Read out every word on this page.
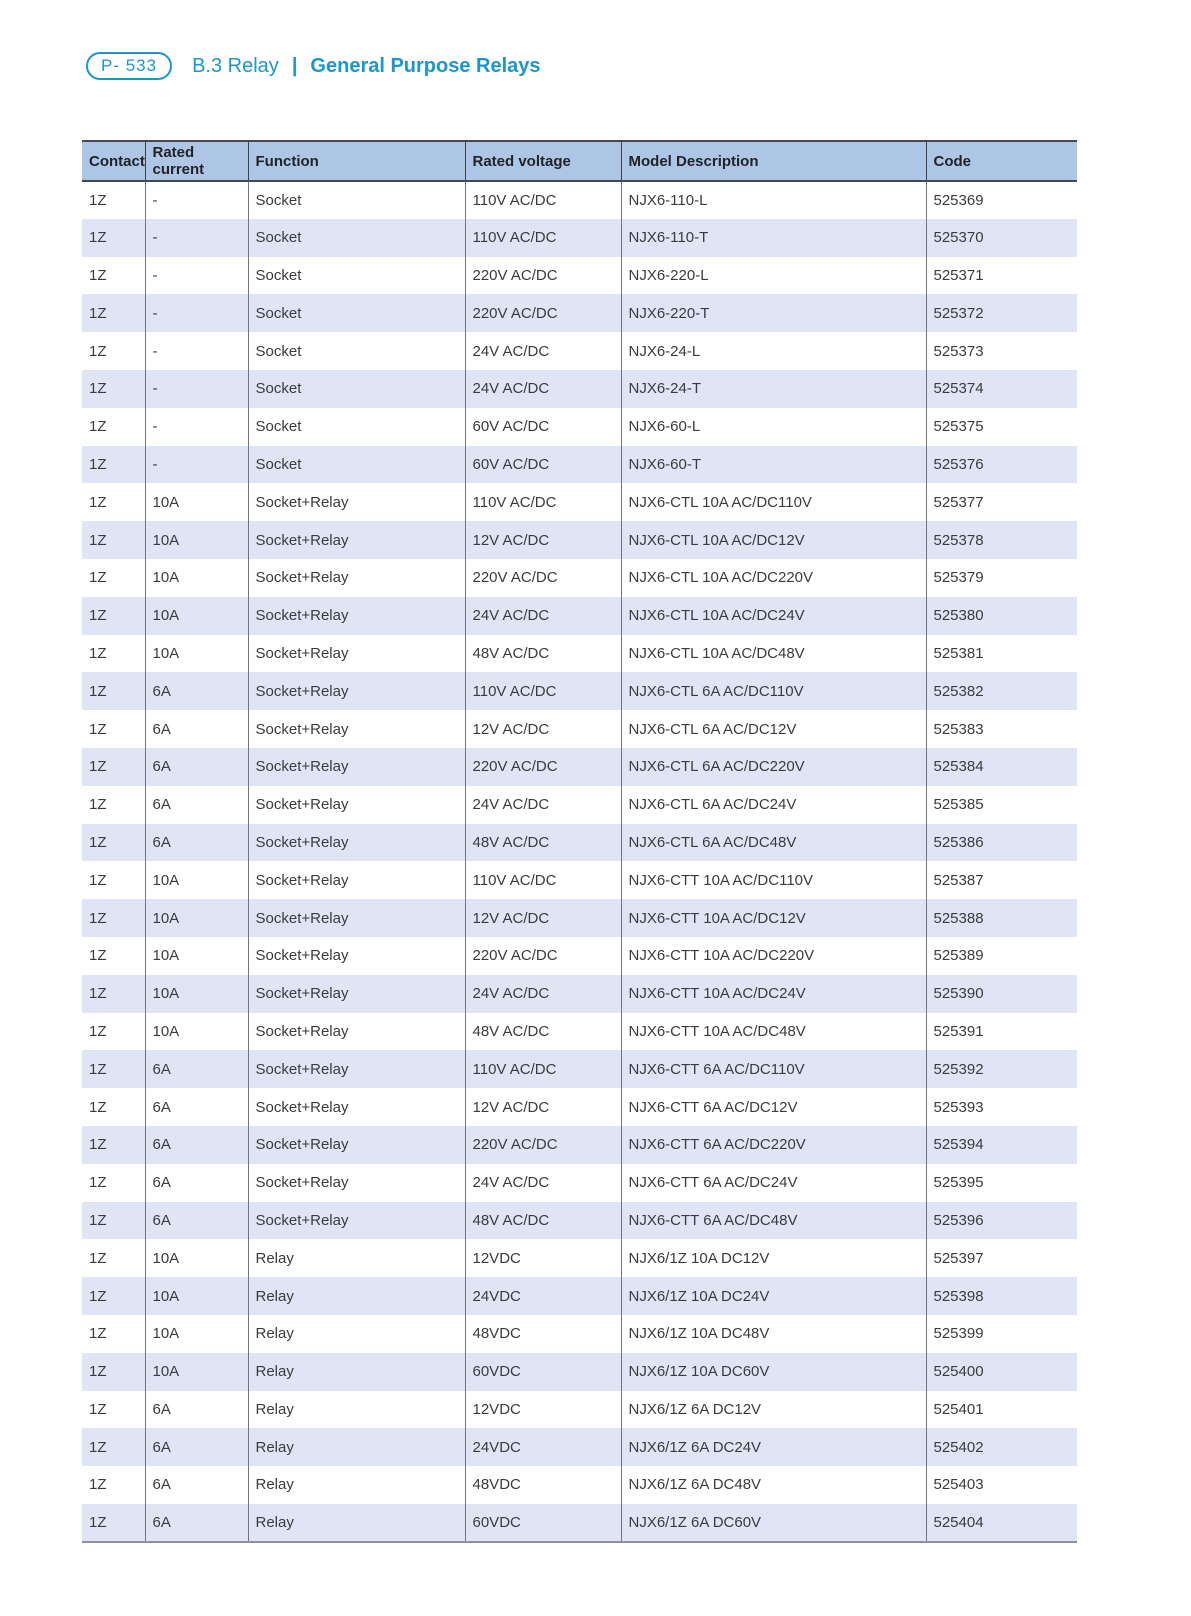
P- 533	B.3 Relay | General Purpose Relays
Contact	Rated current	Function	Rated voltage	Model Description	Code
1Z	-	Socket	110V AC/DC	NJX6-110-L	525369
1Z	-	Socket	110V AC/DC	NJX6-110-T	525370
1Z	-	Socket	220V AC/DC	NJX6-220-L	525371
1Z	-	Socket	220V AC/DC	NJX6-220-T	525372
1Z	-	Socket	24V AC/DC	NJX6-24-L	525373
1Z	-	Socket	24V AC/DC	NJX6-24-T	525374
1Z	-	Socket	60V AC/DC	NJX6-60-L	525375
1Z	-	Socket	60V AC/DC	NJX6-60-T	525376
1Z	10A	Socket+Relay	110V AC/DC	NJX6-CTL 10A AC/DC110V	525377
1Z	10A	Socket+Relay	12V AC/DC	NJX6-CTL 10A AC/DC12V	525378
1Z	10A	Socket+Relay	220V AC/DC	NJX6-CTL 10A AC/DC220V	525379
1Z	10A	Socket+Relay	24V AC/DC	NJX6-CTL 10A AC/DC24V	525380
1Z	10A	Socket+Relay	48V AC/DC	NJX6-CTL 10A AC/DC48V	525381
1Z	6A	Socket+Relay	110V AC/DC	NJX6-CTL 6A AC/DC110V	525382
1Z	6A	Socket+Relay	12V AC/DC	NJX6-CTL 6A AC/DC12V	525383
1Z	6A	Socket+Relay	220V AC/DC	NJX6-CTL 6A AC/DC220V	525384
1Z	6A	Socket+Relay	24V AC/DC	NJX6-CTL 6A AC/DC24V	525385
1Z	6A	Socket+Relay	48V AC/DC	NJX6-CTL 6A AC/DC48V	525386
1Z	10A	Socket+Relay	110V AC/DC	NJX6-CTT 10A AC/DC110V	525387
1Z	10A	Socket+Relay	12V AC/DC	NJX6-CTT 10A AC/DC12V	525388
1Z	10A	Socket+Relay	220V AC/DC	NJX6-CTT 10A AC/DC220V	525389
1Z	10A	Socket+Relay	24V AC/DC	NJX6-CTT 10A AC/DC24V	525390
1Z	10A	Socket+Relay	48V AC/DC	NJX6-CTT 10A AC/DC48V	525391
1Z	6A	Socket+Relay	110V AC/DC	NJX6-CTT 6A AC/DC110V	525392
1Z	6A	Socket+Relay	12V AC/DC	NJX6-CTT 6A AC/DC12V	525393
1Z	6A	Socket+Relay	220V AC/DC	NJX6-CTT 6A AC/DC220V	525394
1Z	6A	Socket+Relay	24V AC/DC	NJX6-CTT 6A AC/DC24V	525395
1Z	6A	Socket+Relay	48V AC/DC	NJX6-CTT 6A AC/DC48V	525396
1Z	10A	Relay	12VDC	NJX6/1Z 10A DC12V	525397
1Z	10A	Relay	24VDC	NJX6/1Z 10A DC24V	525398
1Z	10A	Relay	48VDC	NJX6/1Z 10A DC48V	525399
1Z	10A	Relay	60VDC	NJX6/1Z 10A DC60V	525400
1Z	6A	Relay	12VDC	NJX6/1Z 6A DC12V	525401
1Z	6A	Relay	24VDC	NJX6/1Z 6A DC24V	525402
1Z	6A	Relay	48VDC	NJX6/1Z 6A DC48V	525403
1Z	6A	Relay	60VDC	NJX6/1Z 6A DC60V	525404
